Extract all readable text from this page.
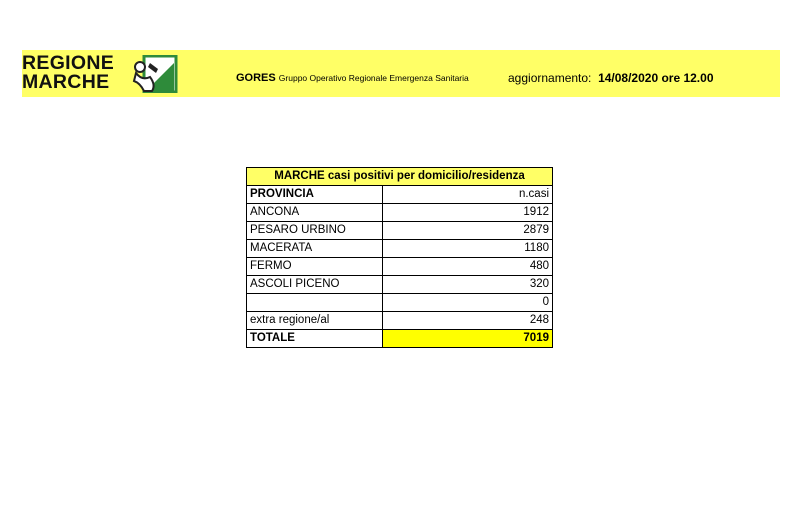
REGIONE
MARCHE	GORES Gruppo Operativo Regionale Emergenza Sanitaria	aggiornamento: 14/08/2020 ore 12.00
MARCHE casi positivi per domicilio/residenza	
PROVINCIA	n.casi
ANCONA	1912
PESARO URBINO	2879
MACERATA	1180
FERMO	480
ASCOLI PICENO	320
	0
extra regione/al	248
TOTALE	7019
